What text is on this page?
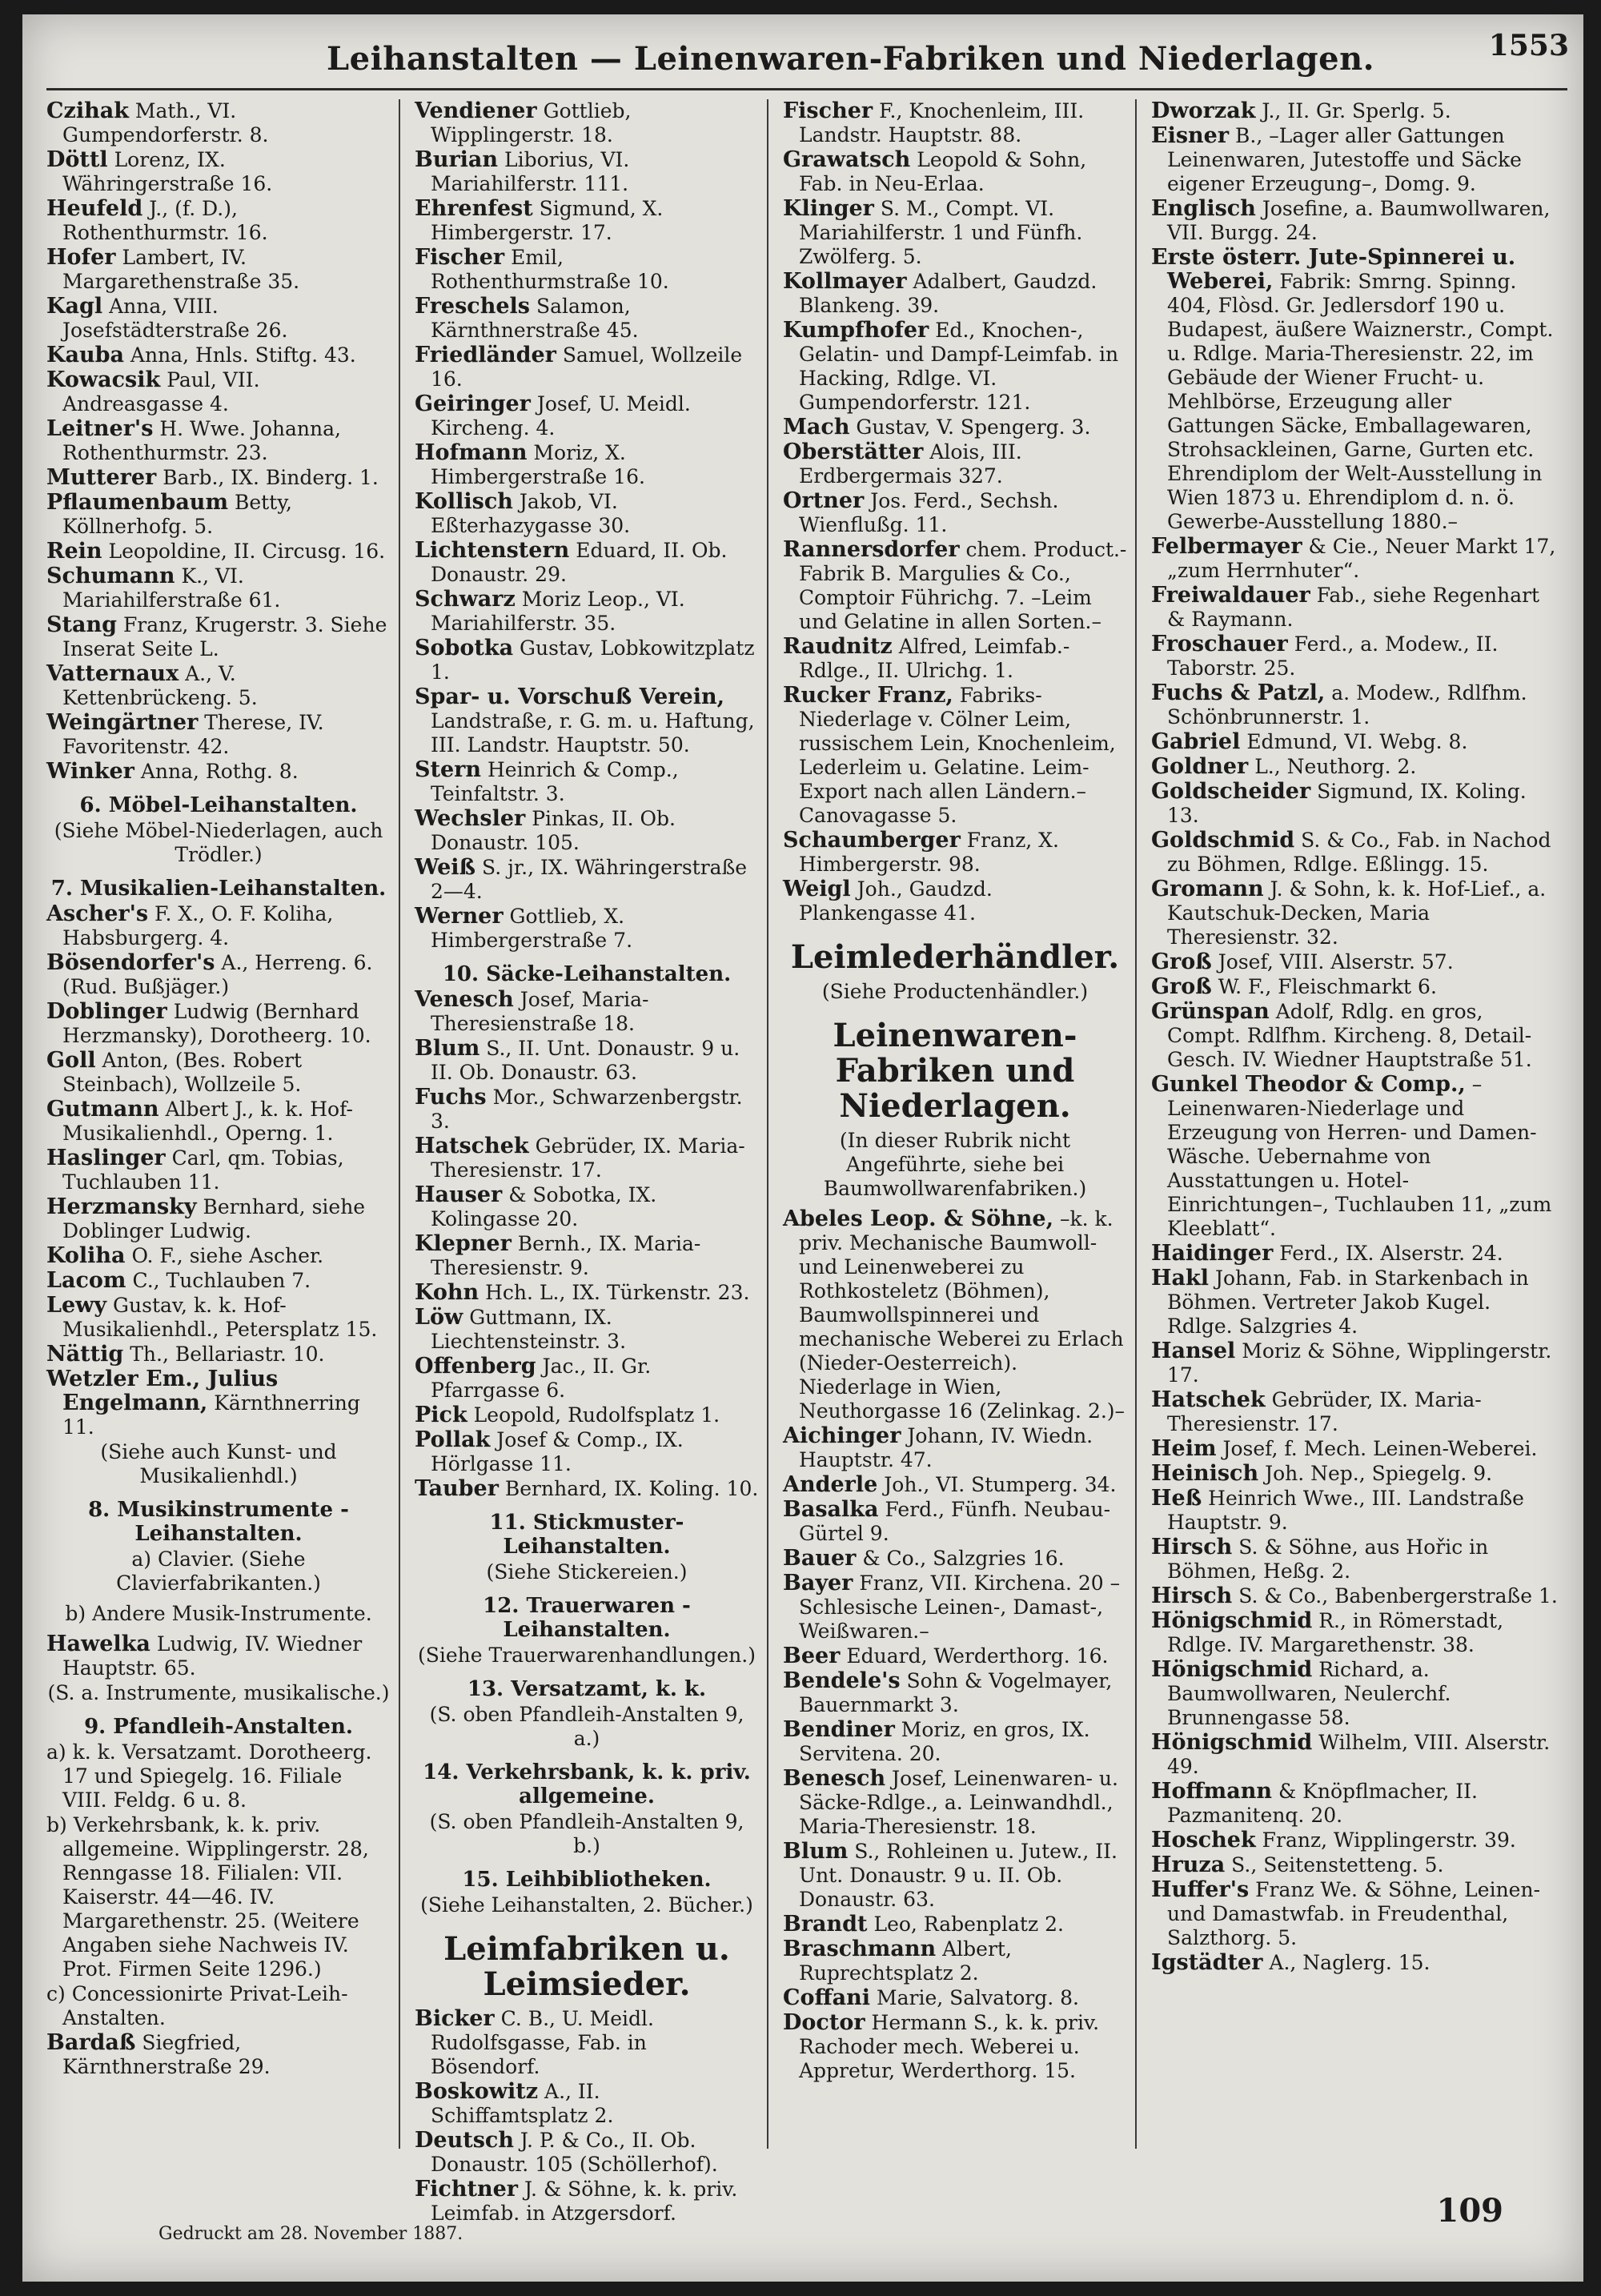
Leihanstalten — Leinenwaren-Fabriken und Niederlagen.	1553
Czihak Math., VI. Gumpendorferstr. 8.
Döttl Lorenz, IX. Währingerstraße 16.
Heufeld J., (f. D.), Rothenthurmstr. 16.
Hofer Lambert, IV. Margarethenstraße 35.
Kagl Anna, VIII. Josefstädterstraße 26.
Kauba Anna, Hnls. Stiftg. 43.
Kowacsik Paul, VII. Andreasgasse 4.
Leitner's H. Wwe. Johanna, Rothenthurmstr. 23.
Mutterer Barb., IX. Binderg. 1.
Pflaumenbaum Betty, Köllnerhofg. 5.
Rein Leopoldine, II. Circusg. 16.
Schumann K., VI. Mariahilferstraße 61.
Stang Franz, Krugerstr. 3. Siehe Inserat Seite L.
Vatternaux A., V. Kettenbrückeng. 5.
Weingärtner Therese, IV. Favoritenstr. 42.
Winker Anna, Rothg. 8.
6. Möbel-Leihanstalten.
(Siehe Möbel-Niederlagen, auch Trödler.)
7. Musikalien-Leihanstalten.
Ascher's F. X., O. F. Koliha, Habsburgerg. 4.
Bösendorfer's A., Herreng. 6. (Rud. Bußjäger.)
Doblinger Ludwig (Bernhard Herzmansky), Dorotheerg. 10.
Goll Anton, (Bes. Robert Steinbach), Wollzeile 5.
Gutmann Albert J., k. k. Hof-Musikalienhdl., Operng. 1.
Haslinger Carl, qm. Tobias, Tuchlauben 11.
Herzmansky Bernhard, siehe Doblinger Ludwig.
Koliha O. F., siehe Ascher.
Lacom C., Tuchlauben 7.
Lewy Gustav, k. k. Hof-Musikalienhdl., Petersplatz 15.
Nättig Th., Bellariastr. 10.
Wetzler Em., Julius Engelmann, Kärnthnerring 11.
(Siehe auch Kunst- und Musikalienhdl.)
8. Musikinstrumente - Leihanstalten.
a) Clavier. (Siehe Clavierfabrikanten.)
b) Andere Musik-Instrumente.
Hawelka Ludwig, IV. Wiedner Hauptstr. 65.
(S. a. Instrumente, musikalische.)
9. Pfandleih-Anstalten.
a) k. k. Versatzamt. Dorotheerg. 17 und Spiegelg. 16. Filiale VIII. Feldg. 6 u. 8.
b) Verkehrsbank, k. k. priv. allgemeine. Wipplingerstr. 28, Renngasse 18. Filialen: VII. Kaiserstr. 44—46. IV. Margarethenstr. 25. (Weitere Angaben siehe Nachweis IV. Prot. Firmen Seite 1296.)
c) Concessionirte Privat-Leih-Anstalten.
Bardaß Siegfried, Kärnthnerstraße 29.
Vendiener Gottlieb, Wipplingerstr. 18.
Burian Liborius, VI. Mariahilferstr. 111.
Ehrenfest Sigmund, X. Himbergerstr. 17.
Fischer Emil, Rothenthurmstraße 10.
Freschels Salamon, Kärnthnerstraße 45.
Friedländer Samuel, Wollzeile 16.
Geiringer Josef, U. Meidl. Kircheng. 4.
Hofmann Moriz, X. Himbergerstraße 16.
Kollisch Jakob, VI. Eßterhazygasse 30.
Lichtenstern Eduard, II. Ob. Donaustr. 29.
Schwarz Moriz Leop., VI. Mariahilferstr. 35.
Sobotka Gustav, Lobkowitzplatz 1.
Spar- u. Vorschuß Verein, Landstraße, r. G. m. u. Haftung, III. Landstr. Hauptstr. 50.
Stern Heinrich & Comp., Teinfaltstr. 3.
Wechsler Pinkas, II. Ob. Donaustr. 105.
Weiß S. jr., IX. Währingerstraße 2—4.
Werner Gottlieb, X. Himbergerstraße 7.
10. Säcke-Leihanstalten.
Venesch Josef, Maria-Theresienstraße 18.
Blum S., II. Unt. Donaustr. 9 u. II. Ob. Donaustr. 63.
Fuchs Mor., Schwarzenbergstr. 3.
Hatschek Gebrüder, IX. Maria-Theresienstr. 17.
Hauser & Sobotka, IX. Kolingasse 20.
Klepner Bernh., IX. Maria-Theresienstr. 9.
Kohn Hch. L., IX. Türkenstr. 23.
Löw Guttmann, IX. Liechtensteinstr. 3.
Offenberg Jac., II. Gr. Pfarrgasse 6.
Pick Leopold, Rudolfsplatz 1.
Pollak Josef & Comp., IX. Hörlgasse 11.
Tauber Bernhard, IX. Koling. 10.
11. Stickmuster-Leihanstalten.
(Siehe Stickereien.)
12. Trauerwaren - Leihanstalten.
(Siehe Trauerwarenhandlungen.)
13. Versatzamt, k. k.
(S. oben Pfandleih-Anstalten 9, a.)
14. Verkehrsbank, k. k. priv. allgemeine.
(S. oben Pfandleih-Anstalten 9, b.)
15. Leihbibliotheken.
(Siehe Leihanstalten, 2. Bücher.)
Leimfabriken u. Leimsieder.
Bicker C. B., U. Meidl. Rudolfsgasse, Fab. in Bösendorf.
Boskowitz A., II. Schiffamtsplatz 2.
Deutsch J. P. & Co., II. Ob. Donaustr. 105 (Schöllerhof).
Fichtner J. & Söhne, k. k. priv. Leimfab. in Atzgersdorf.
Fischer F., Knochenleim, III. Landstr. Hauptstr. 88.
Grawatsch Leopold & Sohn, Fab. in Neu-Erlaa.
Klinger S. M., Compt. VI. Mariahilferstr. 1 und Fünfh. Zwölferg. 5.
Kollmayer Adalbert, Gaudzd. Blankeng. 39.
Kumpfhofer Ed., Knochen-, Gelatin- und Dampf-Leimfab. in Hacking, Rdlge. VI. Gumpendorferstr. 121.
Mach Gustav, V. Spengerg. 3.
Oberstätter Alois, III. Erdbergermais 327.
Ortner Jos. Ferd., Sechsh. Wienflußg. 11.
Rannersdorfer chem. Product.-Fabrik B. Margulies & Co., Comptoir Führichg. 7. –Leim und Gelatine in allen Sorten.–
Raudnitz Alfred, Leimfab.-Rdlge., II. Ulrichg. 1.
Rucker Franz, Fabriks-Niederlage v. Cölner Leim, russischem Lein, Knochenleim, Lederleim u. Gelatine. Leim-Export nach allen Ländern.– Canovagasse 5.
Schaumberger Franz, X. Himbergerstr. 98.
Weigl Joh., Gaudzd. Plankengasse 41.
Leimlederhändler.
(Siehe Productenhändler.)
Leinenwaren-Fabriken und Niederlagen.
(In dieser Rubrik nicht Angeführte, siehe bei Baumwollwarenfabriken.)
Abeles Leop. & Söhne, –k. k. priv. Mechanische Baumwoll- und Leinenweberei zu Rothkosteletz (Böhmen), Baumwollspinnerei und mechanische Weberei zu Erlach (Nieder-Oesterreich). Niederlage in Wien, Neuthorgasse 16 (Zelinkag. 2.)–
Aichinger Johann, IV. Wiedn. Hauptstr. 47.
Anderle Joh., VI. Stumperg. 34.
Basalka Ferd., Fünfh. Neubau-Gürtel 9.
Bauer & Co., Salzgries 16.
Bayer Franz, VII. Kirchena. 20 –Schlesische Leinen-, Damast-, Weißwaren.–
Beer Eduard, Werderthorg. 16.
Bendele's Sohn & Vogelmayer, Bauernmarkt 3.
Bendiner Moriz, en gros, IX. Servitena. 20.
Benesch Josef, Leinenwaren- u. Säcke-Rdlge., a. Leinwandhdl., Maria-Theresienstr. 18.
Blum S., Rohleinen u. Jutew., II. Unt. Donaustr. 9 u. II. Ob. Donaustr. 63.
Brandt Leo, Rabenplatz 2.
Braschmann Albert, Ruprechtsplatz 2.
Coffani Marie, Salvatorg. 8.
Doctor Hermann S., k. k. priv. Rachoder mech. Weberei u. Appretur, Werderthorg. 15.
Dworzak J., II. Gr. Sperlg. 5.
Eisner B., –Lager aller Gattungen Leinenwaren, Jutestoffe und Säcke eigener Erzeugung–, Domg. 9.
Englisch Josefine, a. Baumwollwaren, VII. Burgg. 24.
Erste österr. Jute-Spinnerei u. Weberei, Fabrik: Smrng. Spinng. 404, Flòsd. Gr. Jedlersdorf 190 u. Budapest, äußere Waiznerstr., Compt. u. Rdlge. Maria-Theresienstr. 22, im Gebäude der Wiener Frucht- u. Mehlbörse, Erzeugung aller Gattungen Säcke, Emballagewaren, Strohsackleinen, Garne, Gurten etc. Ehrendiplom der Welt-Ausstellung in Wien 1873 u. Ehrendiplom d. n. ö. Gewerbe-Ausstellung 1880.–
Felbermayer & Cie., Neuer Markt 17, „zum Herrnhuter“.
Freiwaldauer Fab., siehe Regenhart & Raymann.
Froschauer Ferd., a. Modew., II. Taborstr. 25.
Fuchs & Patzl, a. Modew., Rdlfhm. Schönbrunnerstr. 1.
Gabriel Edmund, VI. Webg. 8.
Goldner L., Neuthorg. 2.
Goldscheider Sigmund, IX. Koling. 13.
Goldschmid S. & Co., Fab. in Nachod zu Böhmen, Rdlge. Eßlingg. 15.
Gromann J. & Sohn, k. k. Hof-Lief., a. Kautschuk-Decken, Maria Theresienstr. 32.
Groß Josef, VIII. Alserstr. 57.
Groß W. F., Fleischmarkt 6.
Grünspan Adolf, Rdlg. en gros, Compt. Rdlfhm. Kircheng. 8, Detail-Gesch. IV. Wiedner Hauptstraße 51.
Gunkel Theodor & Comp., –Leinenwaren-Niederlage und Erzeugung von Herren- und Damen-Wäsche. Uebernahme von Ausstattungen u. Hotel-Einrichtungen–, Tuchlauben 11, „zum Kleeblatt“.
Haidinger Ferd., IX. Alserstr. 24.
Hakl Johann, Fab. in Starkenbach in Böhmen. Vertreter Jakob Kugel. Rdlge. Salzgries 4.
Hansel Moriz & Söhne, Wipplingerstr. 17.
Hatschek Gebrüder, IX. Maria-Theresienstr. 17.
Heim Josef, f. Mech. Leinen-Weberei.
Heinisch Joh. Nep., Spiegelg. 9.
Heß Heinrich Wwe., III. Landstraße Hauptstr. 9.
Hirsch S. & Söhne, aus Hořic in Böhmen, Heßg. 2.
Hirsch S. & Co., Babenbergerstraße 1.
Hönigschmid R., in Römerstadt, Rdlge. IV. Margarethenstr. 38.
Hönigschmid Richard, a. Baumwollwaren, Neulerchf. Brunnengasse 58.
Hönigschmid Wilhelm, VIII. Alserstr. 49.
Hoffmann & Knöpflmacher, II. Pazmanitenq. 20.
Hoschek Franz, Wipplingerstr. 39.
Hruza S., Seitenstetteng. 5.
Huffer's Franz We. & Söhne, Leinen- und Damastwfab. in Freudenthal, Salzthorg. 5.
Igstädter A., Naglerg. 15.
Gedruckt am 28. November 1887.
109
